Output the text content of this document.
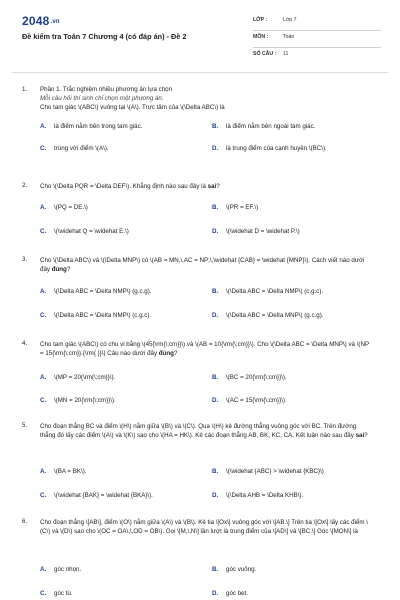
2048.vn
Đề kiểm tra Toán 7 Chương 4 (có đáp án) - Đề 2
LỚP :	Lớp 7
MÔN :	Toán
SỐ CÂU : 11
1. Phần 1. Trắc nghiệm nhiều phương án lựa chọn
Mỗi câu hỏi thí sinh chỉ chọn một phương án.
Cho tam giác \(ABC\) vuông tại \(A\). Trực tâm của \(\Delta ABC\) là
A. là điểm nằm bên trong tam giác.	B. là điểm nằm bên ngoài tam giác.
C. trùng với điểm \(A\).	D. là trung điểm của cạnh huyền \(BC\).
2. Cho \(\Delta PQR = \Delta DEF\). Khẳng định nào sau đây là sai?
A. \(PQ = DE.\)	B. \(PR = EF.\)
C. \(\widehat Q = \widehat E.\)	D. \(\widehat D = \widehat P.\)
3. Cho \(\Delta ABC\) và \(\Delta MNP\) có \(AB = MN,\,AC = NP;\,\widehat {CAB} = \widehat {MNP}\). Cách viết nào dưới đây đúng?
A. \(\Delta ABC = \Delta NMP\) (g.c.g).	B. \(\Delta ABC = \Delta NMP\) (c.g.c).
C. \(\Delta ABC = \Delta NMP\) (c.g.c).	D. \(\Delta ABC = \Delta MNP\) (g.c.g).
4. Cho tam giác \(ABC\) có chu vi bằng \(45{\rm{\;cm}}\) và \(AB = 10{\rm{\;cm}}\). Cho \(\Delta ABC = \Delta MNP\) và \(NP = 15{\rm{\;cm}}.{\rm{ }}\) Câu nào dưới đây đúng?
A. \(MP = 20{\rm{\;cm}}\).	B. \(BC = 20{\rm{\;cm}}\).
C. \(MN = 20{\rm{\;cm}}\).	D. \(AC = 15{\rm{\;cm}}\).
5. Cho đoạn thẳng BC và điểm \(H\) nằm giữa \(B\) và \(C\). Qua \(H\) kẻ đường thẳng vuông góc với BC. Trên đường thẳng đó lấy các điểm \(A\) và \(K\) sao cho \(HA = HK\). Kẻ các đoạn thẳng AB, BK, KC, CA. Kết luận nào sau đây sai?
A. \(BA = BK\).	B. \(\widehat {ABC} > \widehat {KBC}\)
C. \(\widehat {BAK} = \widehat {BKA}\).	D. \(\Delta AHB = \Delta KHB\).
6. Cho đoạn thẳng \[AB\], điểm \(O\) nằm giữa \(A\) và \(B\). Kẻ tia \[Ox\] vuông góc với \[AB.\] Trên tia \[Ox\] lấy các điểm \(C\) và \(D\) sao cho \(OC = OA\,\,OD = OB\). Gọi \[M,\,N\] lần lượt là trung điểm của \[AD\] và \[BC.\] Góc \[MON\] là
A. góc nhọn.	B. góc vuông.
C. góc tù.	D. góc bẹt.
